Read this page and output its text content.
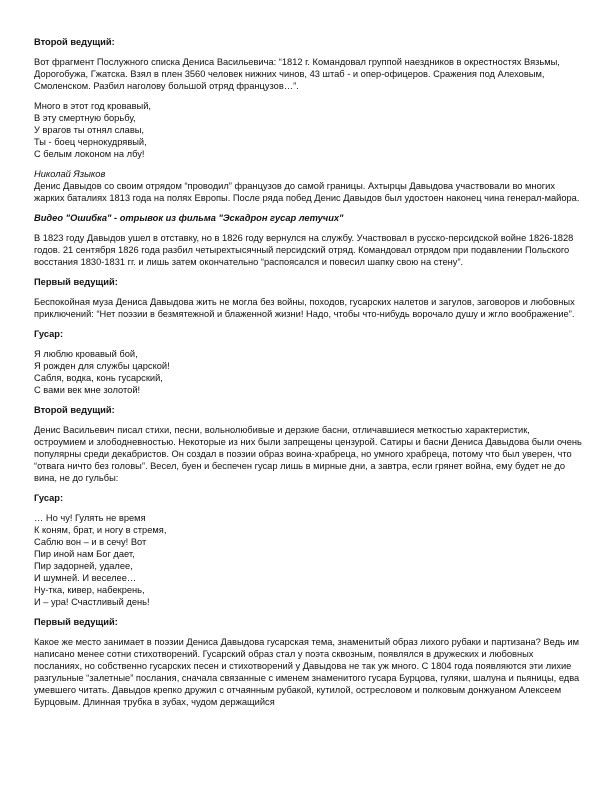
Второй ведущий:
Вот фрагмент Послужного списка Дениса Васильевича: “1812 г. Командовал группой наездников в окрестностях Вязьмы, Дорогобужа, Гжатска. Взял в плен 3560 человек нижних чинов, 43 штаб - и опер-офицеров. Сражения под Алеховым, Смоленском. Разбил наголову большой отряд французов…”.
Много в этот год кровавый,
В эту смертную борьбу,
У врагов ты отнял славы,
Ты - боец чернокудрявый,
С белым локоном на лбу!
Николай Языков
Денис Давыдов со своим отрядом “проводил” французов до самой границы. Ахтырцы Давыдова участвовали во многих жарких баталиях 1813 года на полях Европы. После ряда побед Денис Давыдов был удостоен наконец чина генерал-майора.
Видео "Ошибка" - отрывок из фильма "Эскадрон гусар летучих"
В 1823 году Давыдов ушел в отставку, но в 1826 году вернулся на службу. Участвовал в русско-персидской войне 1826-1828 годов. 21 сентября 1826 года разбил четырехтысячный персидский отряд. Командовал отрядом при подавлении Польского восстания 1830-1831 гг. и лишь затем окончательно “распоясался и повесил шапку свою на стену”.
Первый ведущий:
Беспокойная муза Дениса Давыдова жить не могла без войны, походов, гусарских налетов и загулов, заговоров и любовных приключений: “Нет поэзии в безмятежной и блаженной жизни! Надо, чтобы что-нибудь ворочало душу и жгло воображение”.
Гусар:
Я люблю кровавый бой,
Я рожден для службы царской!
Сабля, водка, конь гусарский,
С вами век мне золотой!
Второй ведущий:
Денис Васильевич писал стихи, песни, вольнолюбивые и дерзкие басни, отличавшиеся меткостью характеристик, остроумием и злободневностью. Некоторые из них были запрещены цензурой. Сатиры и басни Дениса Давыдова были очень популярны среди декабристов. Он создал в поэзии образ воина-храбреца, но умного храбреца, потому что был уверен, что “отвага ничто без головы”. Весел, буен и беспечен гусар лишь в мирные дни, а завтра, если грянет война, ему будет не до вина, не до гульбы:
Гусар:
… Но чу! Гулять не время
К коням, брат, и ногу в стремя,
Саблю вон – и в сечу! Вот
Пир иной нам Бог дает,
Пир задорней, удалее,
И шумней. И веселее…
Ну-тка, кивер, набекрень,
И – ура! Счастливый день!
Первый ведущий:
Какое же место занимает в поэзии Дениса Давыдова гусарская тема, знаменитый образ лихого рубаки и партизана? Ведь им написано менее сотни стихотворений. Гусарский образ стал у поэта сквозным, появлялся в дружеских и любовных посланиях, но собственно гусарских песен и стихотворений у Давыдова не так уж много. С 1804 года появляются эти лихие разгульные “залетные” послания, сначала связанные с именем знаменитого гусара Бурцова, гуляки, шалуна и пьяницы, едва умевшего читать. Давыдов крепко дружил с отчаянным рубакой, кутилой, остресловом и полковым донжуаном Алексеем Бурцовым. Длинная трубка в зубах, чудом держащийся
